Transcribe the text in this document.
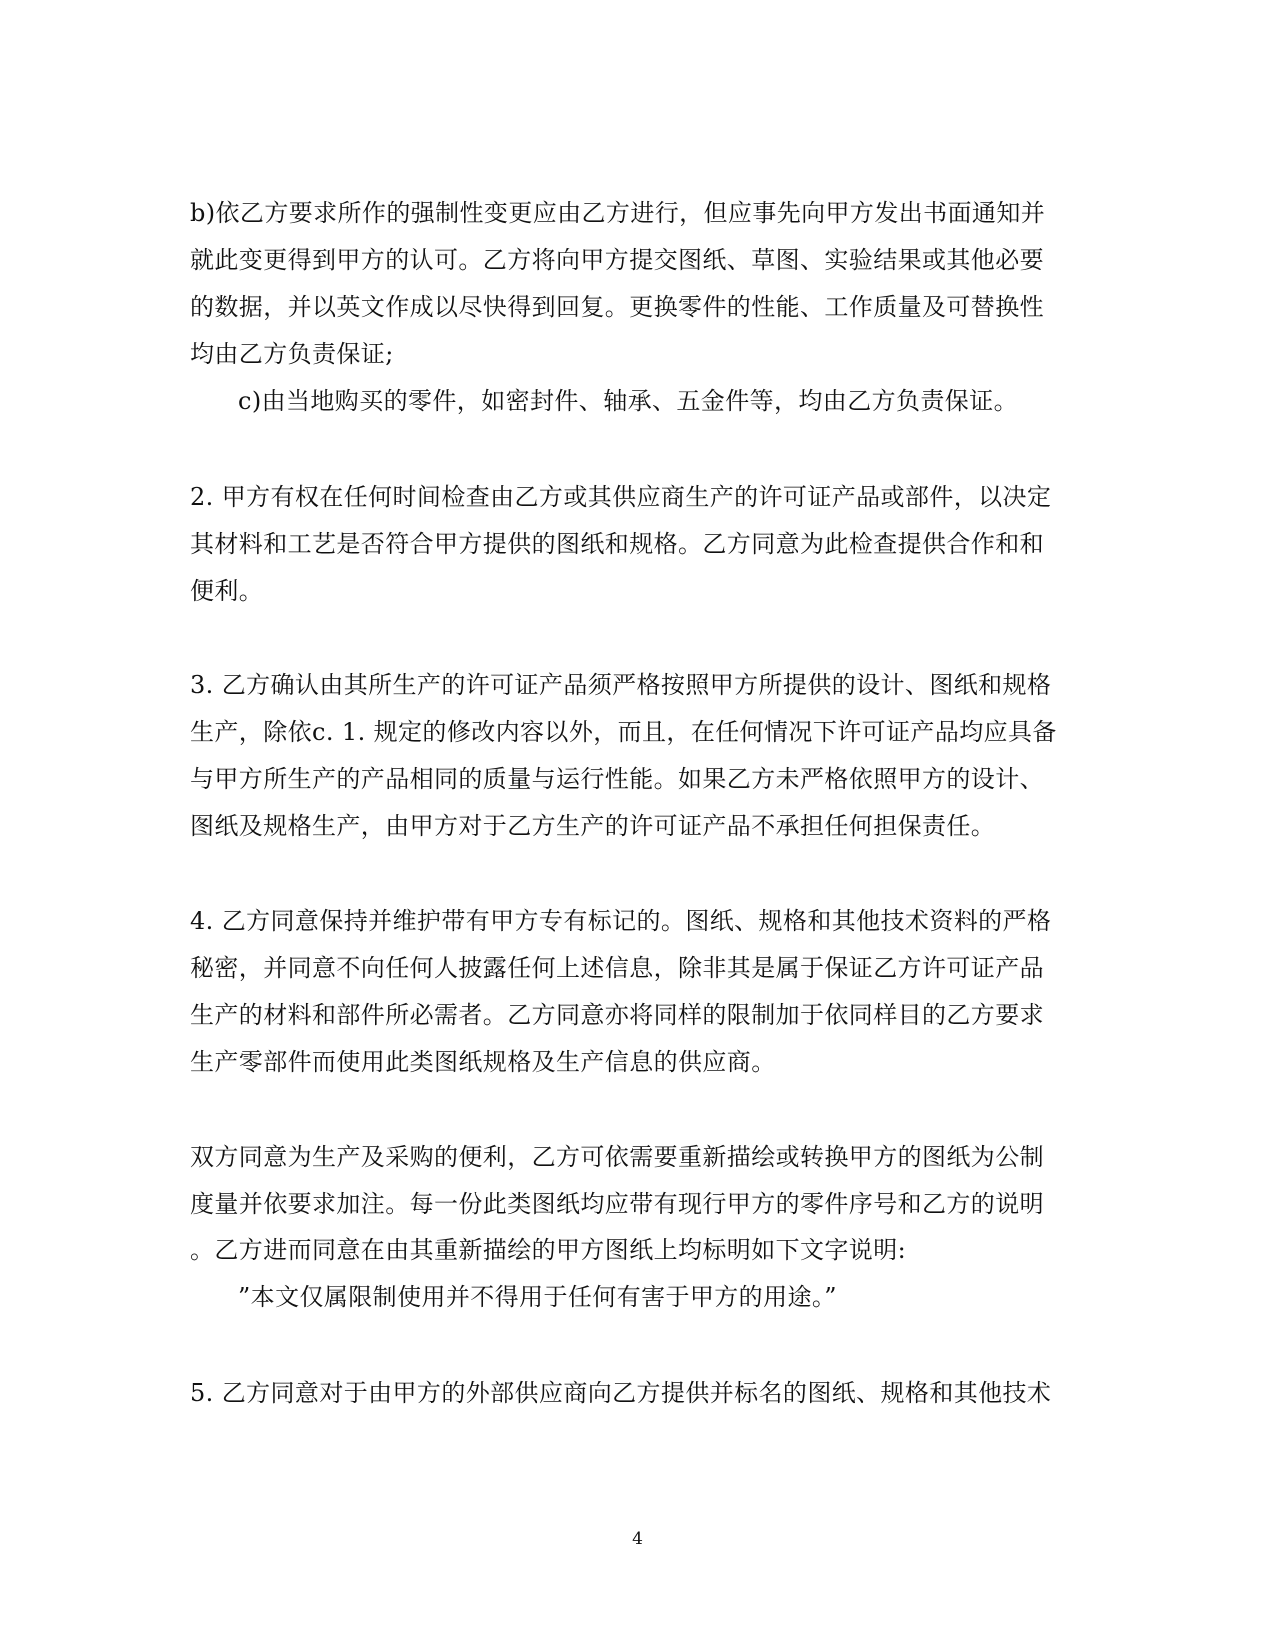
b)依乙方要求所作的强制性变更应由乙方进行，但应事先向甲方发出书面通知并
就此变更得到甲方的认可。乙方将向甲方提交图纸、草图、实验结果或其他必要
的数据，并以英文作成以尽快得到回复。更换零件的性能、工作质量及可替换性
均由乙方负责保证;
c)由当地购买的零件，如密封件、轴承、五金件等，均由乙方负责保证。
2. 甲方有权在任何时间检查由乙方或其供应商生产的许可证产品或部件，以决定
其材料和工艺是否符合甲方提供的图纸和规格。乙方同意为此检查提供合作和和
便利。
3. 乙方确认由其所生产的许可证产品须严格按照甲方所提供的设计、图纸和规格
生产，除依c. 1. 规定的修改内容以外，而且，在任何情况下许可证产品均应具备
与甲方所生产的产品相同的质量与运行性能。如果乙方未严格依照甲方的设计、
图纸及规格生产，由甲方对于乙方生产的许可证产品不承担任何担保责任。
4. 乙方同意保持并维护带有甲方专有标记的。图纸、规格和其他技术资料的严格
秘密，并同意不向任何人披露任何上述信息，除非其是属于保证乙方许可证产品
生产的材料和部件所必需者。乙方同意亦将同样的限制加于依同样目的乙方要求
生产零部件而使用此类图纸规格及生产信息的供应商。
双方同意为生产及采购的便利，乙方可依需要重新描绘或转换甲方的图纸为公制
度量并依要求加注。每一份此类图纸均应带有现行甲方的零件序号和乙方的说明
。乙方进而同意在由其重新描绘的甲方图纸上均标明如下文字说明:
”本文仅属限制使用并不得用于任何有害于甲方的用途。”
5. 乙方同意对于由甲方的外部供应商向乙方提供并标名的图纸、规格和其他技术
4
